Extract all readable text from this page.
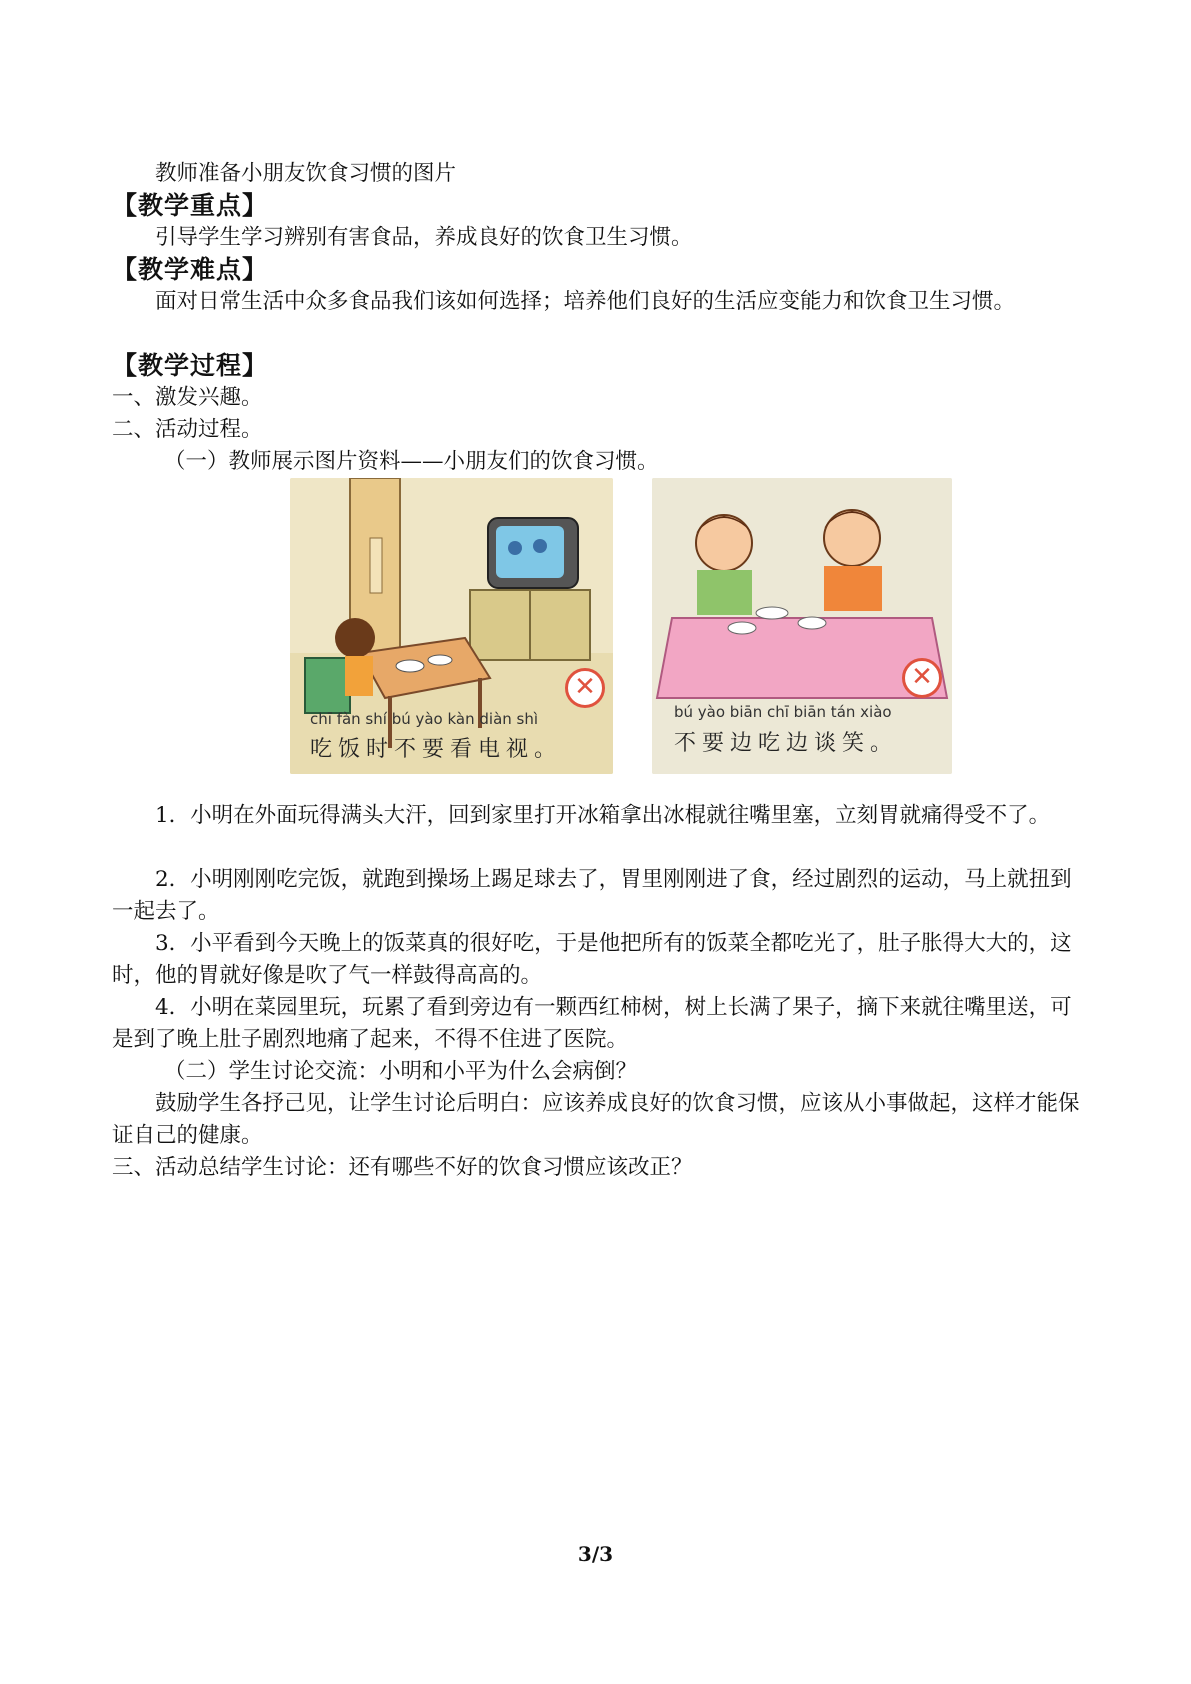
教师准备小朋友饮食习惯的图片

【教学重点】

引导学生学习辨别有害食品，养成良好的饮食卫生习惯。

【教学难点】

面对日常生活中众多食品我们该如何选择；培养他们良好的生活应变能力和饮食卫生习惯。

【教学过程】

一、激发兴趣。

二、活动过程。

（一）教师展示图片资料——小朋友们的饮食习惯。

✕
chī fàn shí bú yào kàn diàn shì
吃饭时不要看电视。
✕
bú yào biān chī biān tán xiào
不要边吃边谈笑。

1．小明在外面玩得满头大汗，回到家里打开冰箱拿出冰棍就往嘴里塞，立刻胃就痛得受不了。

2．小明刚刚吃完饭，就跑到操场上踢足球去了，胃里刚刚进了食，经过剧烈的运动，马上就扭到一起去了。

3．小平看到今天晚上的饭菜真的很好吃，于是他把所有的饭菜全都吃光了，肚子胀得大大的，这时，他的胃就好像是吹了气一样鼓得高高的。

4．小明在菜园里玩，玩累了看到旁边有一颗西红柿树，树上长满了果子，摘下来就往嘴里送，可是到了晚上肚子剧烈地痛了起来，不得不住进了医院。

（二）学生讨论交流：小明和小平为什么会病倒？

鼓励学生各抒己见，让学生讨论后明白：应该养成良好的饮食习惯，应该从小事做起，这样才能保证自己的健康。

三、活动总结学生讨论：还有哪些不好的饮食习惯应该改正？

3/3
